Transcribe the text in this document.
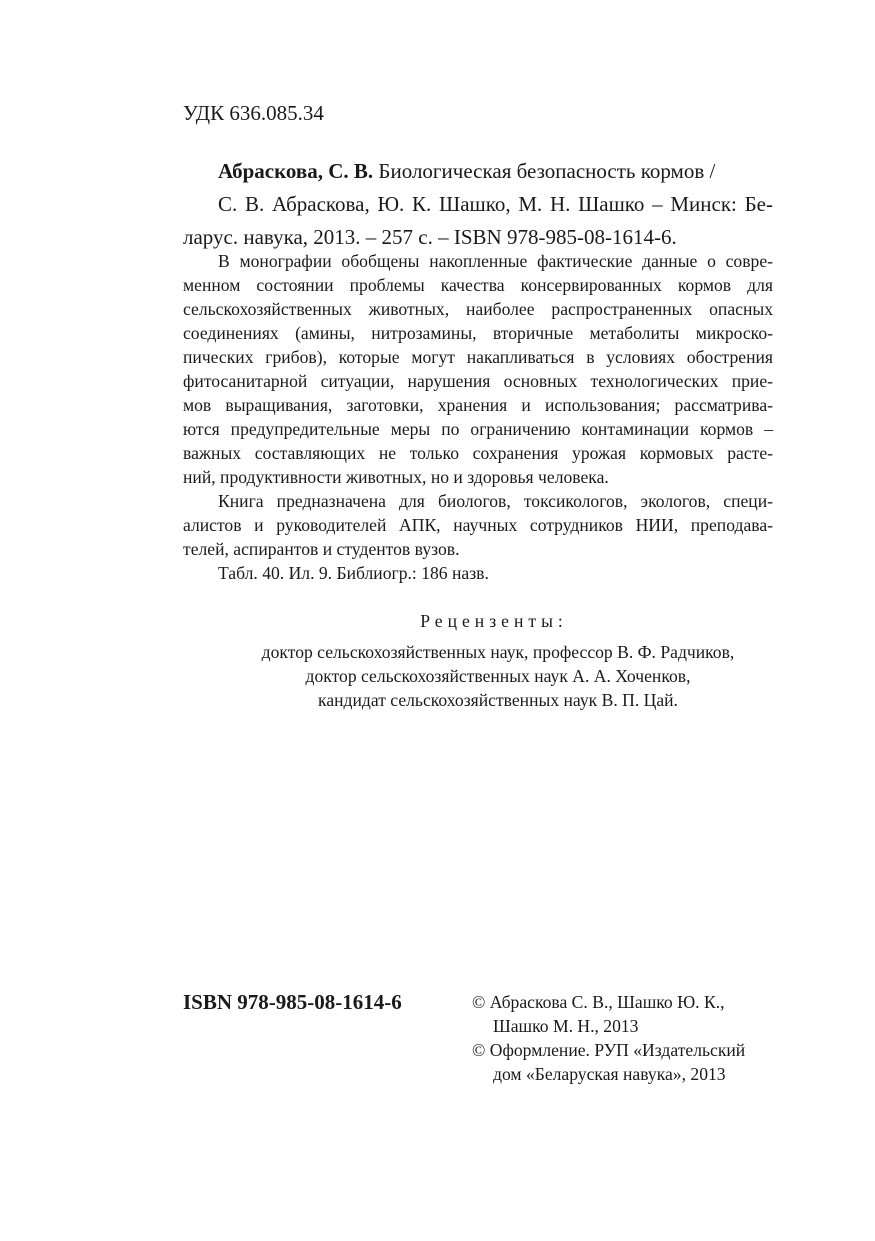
УДК 636.085.34
Абраскова, С. В. Биологическая безопасность кормов /
С. В. Абраскова, Ю. К. Шашко, М. Н. Шашко – Минск: Бе-
ларус. навука, 2013. – 257 с. – ISBN 978-985-08-1614-6.
В монографии обобщены накопленные фактические данные о совре-
менном состоянии проблемы качества консервированных кормов для
сельскохозяйственных животных, наиболее распространенных опасных
соединениях (амины, нитрозамины, вторичные метаболиты микроско-
пических грибов), которые могут накапливаться в условиях обострения
фитосанитарной ситуации, нарушения основных технологических прие-
мов выращивания, заготовки, хранения и использования; рассматрива-
ются предупредительные меры по ограничению контаминации кормов –
важных составляющих не только сохранения урожая кормовых расте-
ний, продуктивности животных, но и здоровья человека.
Книга предназначена для биологов, токсикологов, экологов, специ-
алистов и руководителей АПК, научных сотрудников НИИ, преподава-
телей, аспирантов и студентов вузов.
Табл. 40. Ил. 9. Библиогр.: 186 назв.
Рецензенты:
доктор сельскохозяйственных наук, профессор В. Ф. Радчиков,
доктор сельскохозяйственных наук А. А. Хоченков,
кандидат сельскохозяйственных наук В. П. Цай.
ISBN 978-985-08-1614-6	© Абраскова С. В., Шашко Ю. К.,
Шашко М. Н., 2013
© Оформление. РУП «Издательский
дом «Беларуская навука», 2013
